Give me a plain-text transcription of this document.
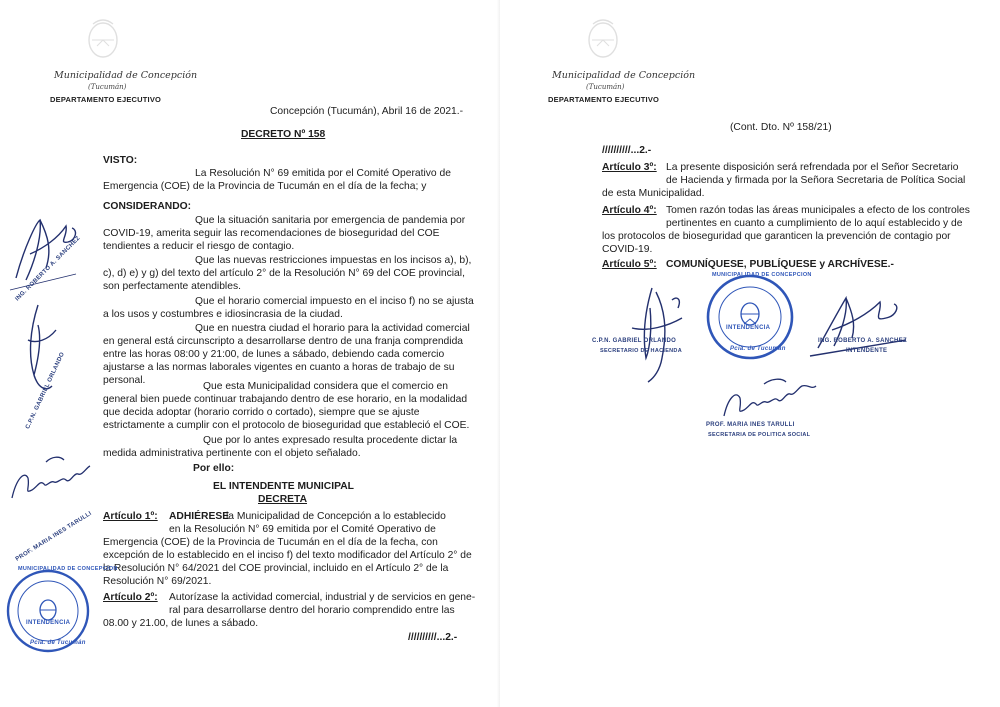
Municipalidad de Concepción
(Tucumán)
DEPARTAMENTO EJECUTIVO
Concepción (Tucumán), Abril 16 de 2021.-
DECRETO Nº 158
VISTO:
La Resolución N° 69 emitida por el Comité Operativo de
Emergencia (COE) de la Provincia de Tucumán en el día de la fecha; y
CONSIDERANDO:
Que la situación sanitaria por emergencia de pandemia por
COVID-19, amerita seguir las recomendaciones de bioseguridad del COE
tendientes a reducir el riesgo de contagio.
Que las nuevas restricciones impuestas en los incisos a), b),
c), d) e) y g) del texto del artículo 2° de la Resolución N° 69 del COE provincial,
son perfectamente atendibles.
Que el horario comercial impuesto en el inciso f) no se ajusta
a los usos y costumbres e idiosincrasia de la ciudad.
Que en nuestra ciudad el horario para la actividad comercial
en general está circunscripto a desarrollarse dentro de una franja comprendida
entre las horas 08:00 y 21:00, de lunes a sábado, debiendo cada comercio
ajustarse a las normas laborales vigentes en cuanto a horas de trabajo de su
personal.
Que esta Municipalidad considera que el comercio en
general bien puede continuar trabajando dentro de ese horario, en la modalidad
que decida adoptar (horario corrido o cortado), siempre que se ajuste
estrictamente a cumplir con el protocolo de bioseguridad que estableció el COE.
Que por lo antes expresado resulta procedente dictar la
medida administrativa pertinente con el objeto señalado.
Por ello:
EL INTENDENTE MUNICIPAL
DECRETA
Artículo 1º: ADHIÉRESE
la Municipalidad de Concepción a lo establecido
en la Resolución N° 69 emitida por el Comité Operativo de
Emergencia (COE) de la Provincia de Tucumán en el día de la fecha, con
excepción de lo establecido en el inciso f) del texto modificador del Artículo 2° de
la Resolución N° 64/2021 del COE provincial, incluido en el Artículo 2° de la
Resolución N° 69/2021.
Artículo 2º: Autorízase la actividad comercial, industrial y de servicios en gene-
ral para desarrollarse dentro del horario comprendido entre las
08.00 y 21.00, de lunes a sábado.
//////////...2.-
ING. ROBERTO A. SANCHEZ
C.P.N. GABRIEL ORLANDO
PROF. MARIA INES TARULLI
MUNICIPALIDAD DE CONCEPCION
INTENDENCIA
Pcia. de Tucumán
Municipalidad de Concepción
(Tucumán)
DEPARTAMENTO EJECUTIVO
(Cont. Dto. Nº 158/21)
//////////...2.-
Artículo 3º: La presente disposición será refrendada por el Señor Secretario
de Hacienda y firmada por la Señora Secretaria de Política Social
de esta Municipalidad.
Artículo 4º: Tomen razón todas las áreas municipales a efecto de los controles
pertinentes en cuanto a cumplimiento de lo aquí establecido y de
los protocolos de bioseguridad que garanticen la prevención de contagio por
COVID-19.
Artículo 5º: COMUNÍQUESE, PUBLÍQUESE y ARCHÍVESE.-
C.P.N. GABRIEL ORLANDO
SECRETARIO DE HACIENDA
MUNICIPALIDAD DE CONCEPCION
INTENDENCIA
Pcia. de Tucumán
ING. ROBERTO A. SANCHEZ
INTENDENTE
PROF. MARIA INES TARULLI
SECRETARIA DE POLITICA SOCIAL
